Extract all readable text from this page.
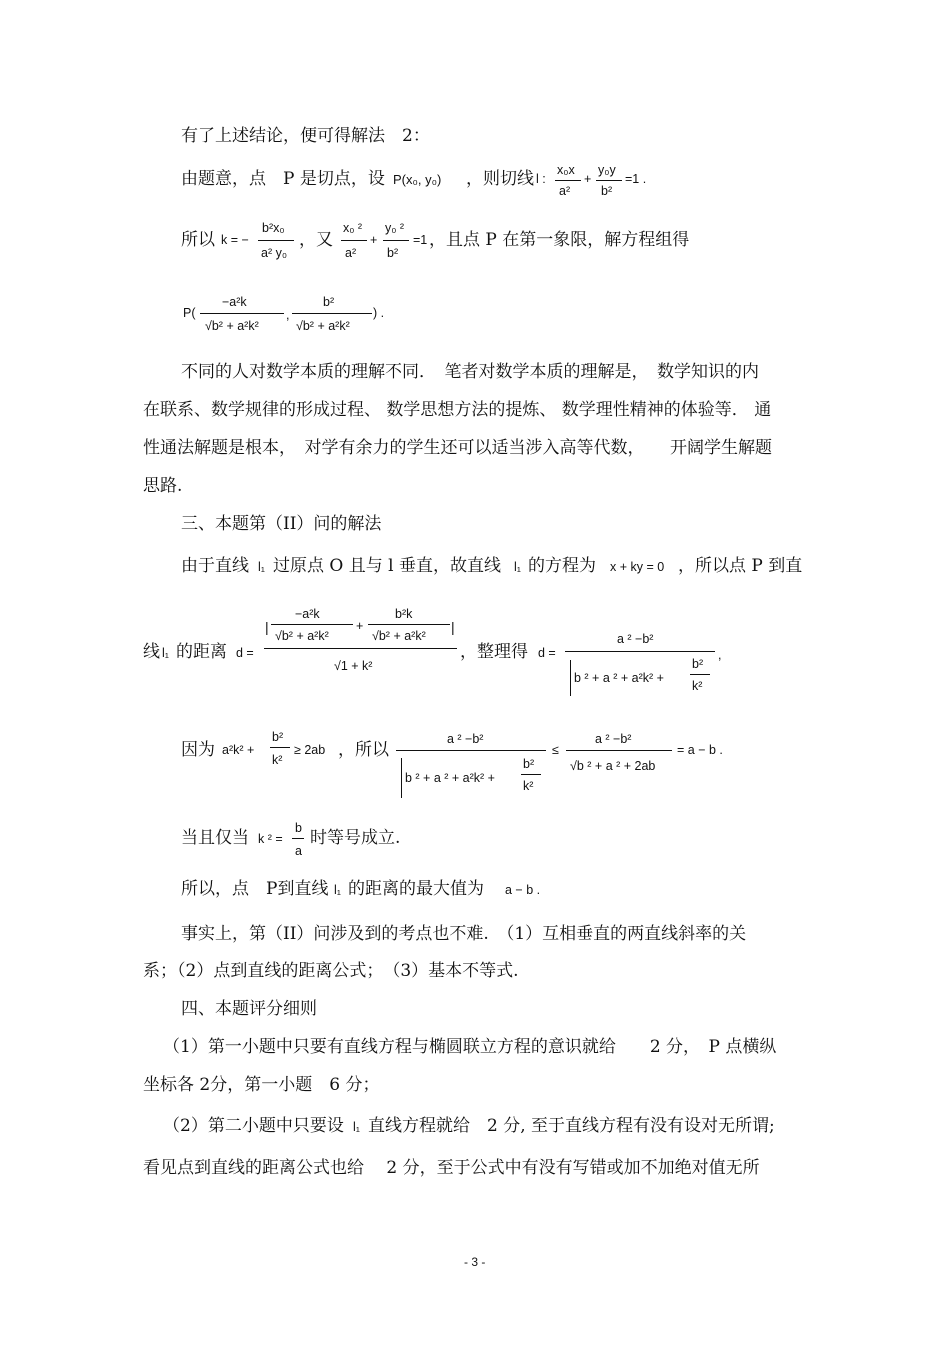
有了上述结论，便可得解法　2：
由题意，点　P 是切点，设 P(x₀, y₀) ，则切线 l :
x₀x
a²
+
y₀y
b²
=1 .
所以 k = −
b²x₀
a² y₀
，又
x₀ ²
a²
+
y₀ ²
b²
=1 ，且点 P 在第一象限，解方程组得
P(
−a²k
√b² + a²k²
,
b²
√b² + a²k²
) .
不同的人对数学本质的理解不同．　笔者对数学本质的理解是，　数学知识的内
在联系、数学规律的形成过程、 数学思想方法的提炼、 数学理性精神的体验等． 通
性通法解题是根本，　对学有余力的学生还可以适当涉入高等代数，　　开阔学生解题
思路.
三、本题第（II）问的解法
由于直线 l₁ 过原点 O 且与 l 垂直，故直线 l₁ 的方程为 x + ky = 0 ，所以点 P 到直
线 l₁ 的距离 d =
|
−a²k
√b² + a²k²
+
b²k
√b² + a²k²
|
√1 + k²
，整理得 d =
a ² −b²
b ² + a ² + a²k² +
b²
k²
,
因为 a²k² +
b²
k²
≥ 2ab ，所以
a ² −b²
b ² + a ² + a²k² +
b²
k²
≤
a ² −b²
√b ² + a ² + 2ab
= a − b .
当且仅当 k ² =
b
a
时等号成立.
所以，点　P到直线 l₁ 的距离的最大值为 a − b .
事实上，第（II）问涉及到的考点也不难.　（1）互相垂直的两直线斜率的关
系；（2）点到直线的距离公式；　（3）基本不等式.
四、本题评分细则
（1）第一小题中只要有直线方程与椭圆联立方程的意识就给　　2 分，　P 点横纵
坐标各 2分，第一小题　6 分；
（2）第二小题中只要设 l₁ 直线方程就给　2 分, 至于直线方程有没有设对无所谓;
看见点到直线的距离公式也给　 2 分，至于公式中有没有写错或加不加绝对值无所
- 3 -
